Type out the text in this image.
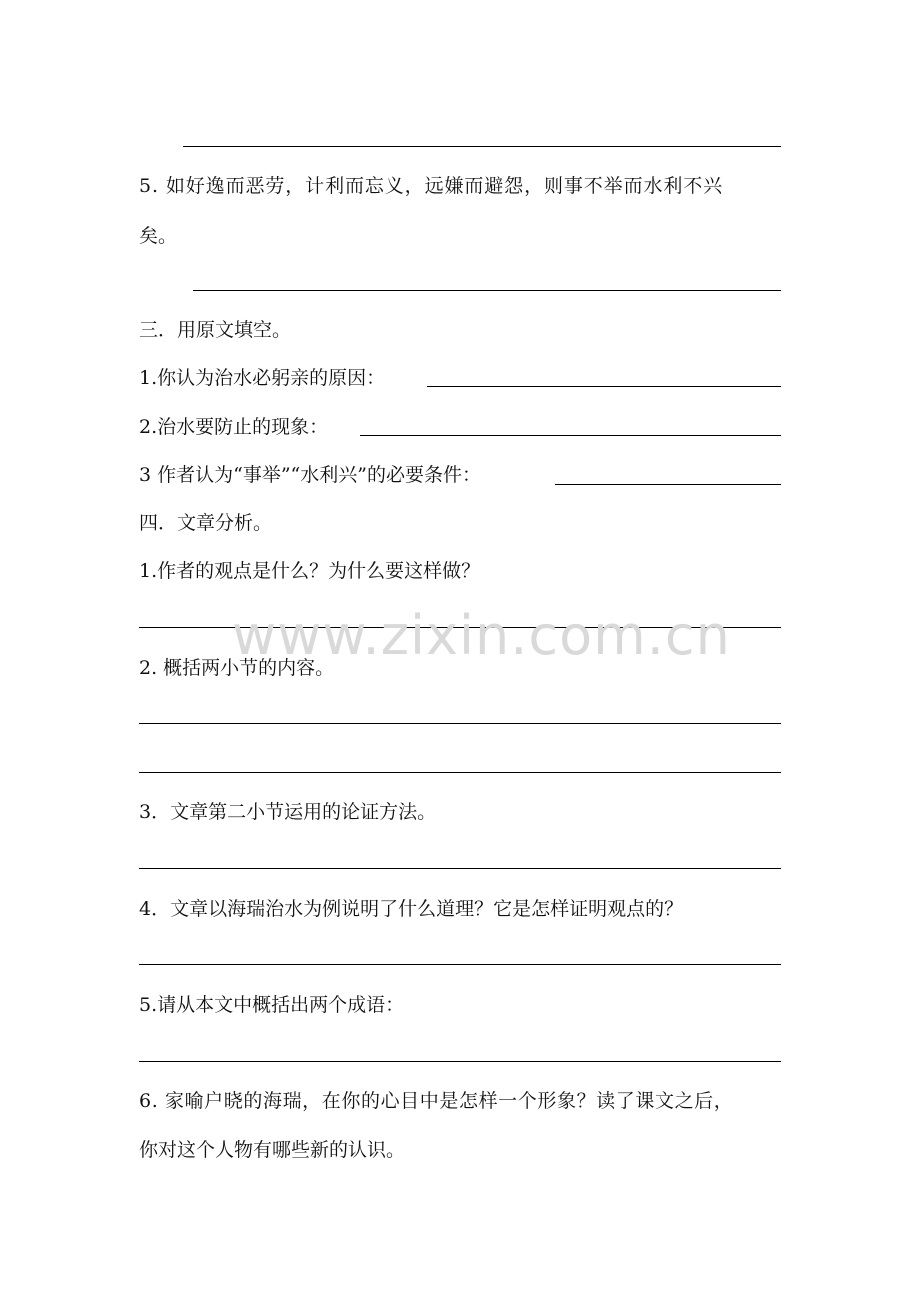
5. 如好逸而恶劳，计利而忘义，远嫌而避怨，则事不举而水利不兴
矣。
三．用原文填空。
1.你认为治水必躬亲的原因：
2.治水要防止的现象：
3 作者认为“事举”“水利兴”的必要条件：
四．文章分析。
1.作者的观点是什么？为什么要这样做？
www.zixin.com.cn
2. 概括两小节的内容。
3．文章第二小节运用的论证方法。
4．文章以海瑞治水为例说明了什么道理？它是怎样证明观点的？
5.请从本文中概括出两个成语：
6. 家喻户晓的海瑞，在你的心目中是怎样一个形象？读了课文之后，
你对这个人物有哪些新的认识。
